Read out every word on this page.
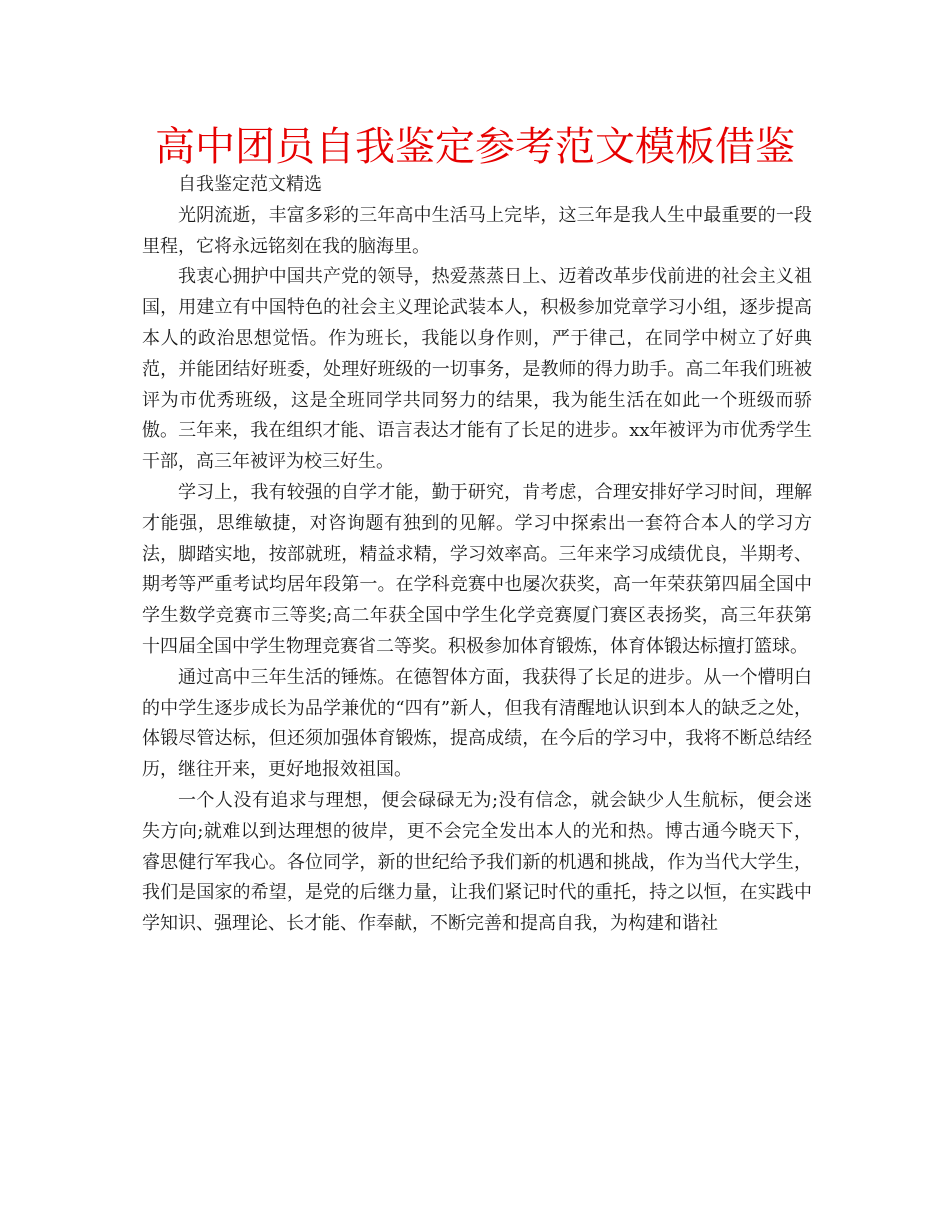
高中团员自我鉴定参考范文模板借鉴

自我鉴定范文精选

光阴流逝，丰富多彩的三年高中生活马上完毕，这三年是我人生中最重要的一段里程，它将永远铭刻在我的脑海里。

我衷心拥护中国共产党的领导，热爱蒸蒸日上、迈着改革步伐前进的社会主义祖国，用建立有中国特色的社会主义理论武装本人，积极参加党章学习小组，逐步提高本人的政治思想觉悟。作为班长，我能以身作则，严于律己，在同学中树立了好典范，并能团结好班委，处理好班级的一切事务，是教师的得力助手。高二年我们班被评为市优秀班级，这是全班同学共同努力的结果，我为能生活在如此一个班级而骄傲。三年来，我在组织才能、语言表达才能有了长足的进步。xx年被评为市优秀学生干部，高三年被评为校三好生。

学习上，我有较强的自学才能，勤于研究，肯考虑，合理安排好学习时间，理解才能强，思维敏捷，对咨询题有独到的见解。学习中探索出一套符合本人的学习方法，脚踏实地，按部就班，精益求精，学习效率高。三年来学习成绩优良，半期考、期考等严重考试均居年段第一。在学科竞赛中也屡次获奖，高一年荣获第四届全国中学生数学竞赛市三等奖;高二年获全国中学生化学竞赛厦门赛区表扬奖，高三年获第十四届全国中学生物理竞赛省二等奖。积极参加体育锻炼，体育体锻达标擅打篮球。

通过高中三年生活的锤炼。在德智体方面，我获得了长足的进步。从一个懵明白的中学生逐步成长为品学兼优的“四有”新人，但我有清醒地认识到本人的缺乏之处，体锻尽管达标，但还须加强体育锻炼，提高成绩，在今后的学习中，我将不断总结经历，继往开来，更好地报效祖国。

一个人没有追求与理想，便会碌碌无为;没有信念，就会缺少人生航标，便会迷失方向;就难以到达理想的彼岸，更不会完全发出本人的光和热。博古通今晓天下，睿思健行军我心。各位同学，新的世纪给予我们新的机遇和挑战，作为当代大学生，我们是国家的希望，是党的后继力量，让我们紧记时代的重托，持之以恒，在实践中学知识、强理论、长才能、作奉献，不断完善和提高自我，为构建和谐社
